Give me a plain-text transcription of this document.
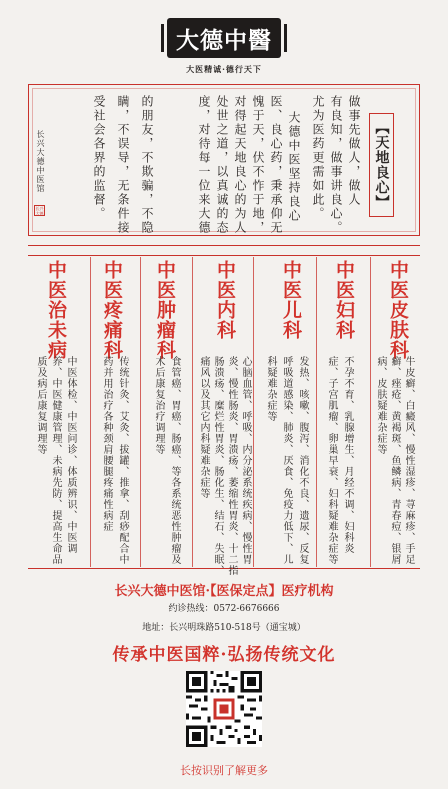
大德中醫
大医精诚·德行天下
【天地良心】
做事先做人，做人
有良知，做事讲良心。
尤为医药更需如此。
大德中医坚持良心
医、良心药，秉承仰无
愧于天，伏不怍于地，
对得起天地良心的为人
处世之道，以真诚的态
度，对待每一位来大德
的朋友，不欺骗，不隐
瞒，不误导，无条件接
受社会各界的监督。
长兴大德中医馆
长兴大德
中医皮肤科
中医妇科
中医儿科
中医内科
中医肿瘤科
中医疼痛科
中医治未病
牛皮癣、白癜风、慢性湿疹、荨麻疹、手足
癣、痤疮、黄褐斑、鱼鳞病、青春痘、银屑
病、皮肤疑难杂症等
不孕不育、乳腺增生、月经不调、妇科炎
症、子宫肌瘤、卵巢早衰、妇科疑难杂症等
发热、咳嗽、腹泻、消化不良、遗尿、反复
呼吸道感染、肺炎、厌食、免疫力低下、儿
科疑难杂症等
心脑血管、呼吸、内分泌系统疾病、慢性胃
炎、慢性肠炎、胃溃疡、萎缩性胃炎、十二指
肠溃疡、糜烂性胃炎、肠化生、结石、失眠、
痛风以及其它内科疑难杂症等
食管癌、胃癌、肠癌、等各系统恶性肿瘤及
术后康复治疗调理等
传统针灸、艾灸、拔罐、推拿、刮痧配合中
药并用治疗各种颈肩腰腿疼痛性病症
中医体检、中医问诊、体质辨识、中医调
养、中医健康管理、未病先防、提高生命品
质及病后康复调理等
长兴大德中医馆·【医保定点】医疗机构
约诊热线：0572-6676666
地址：长兴明珠路510-518号（通宝城）
传承中医国粹·弘扬传统文化
长按识别了解更多
